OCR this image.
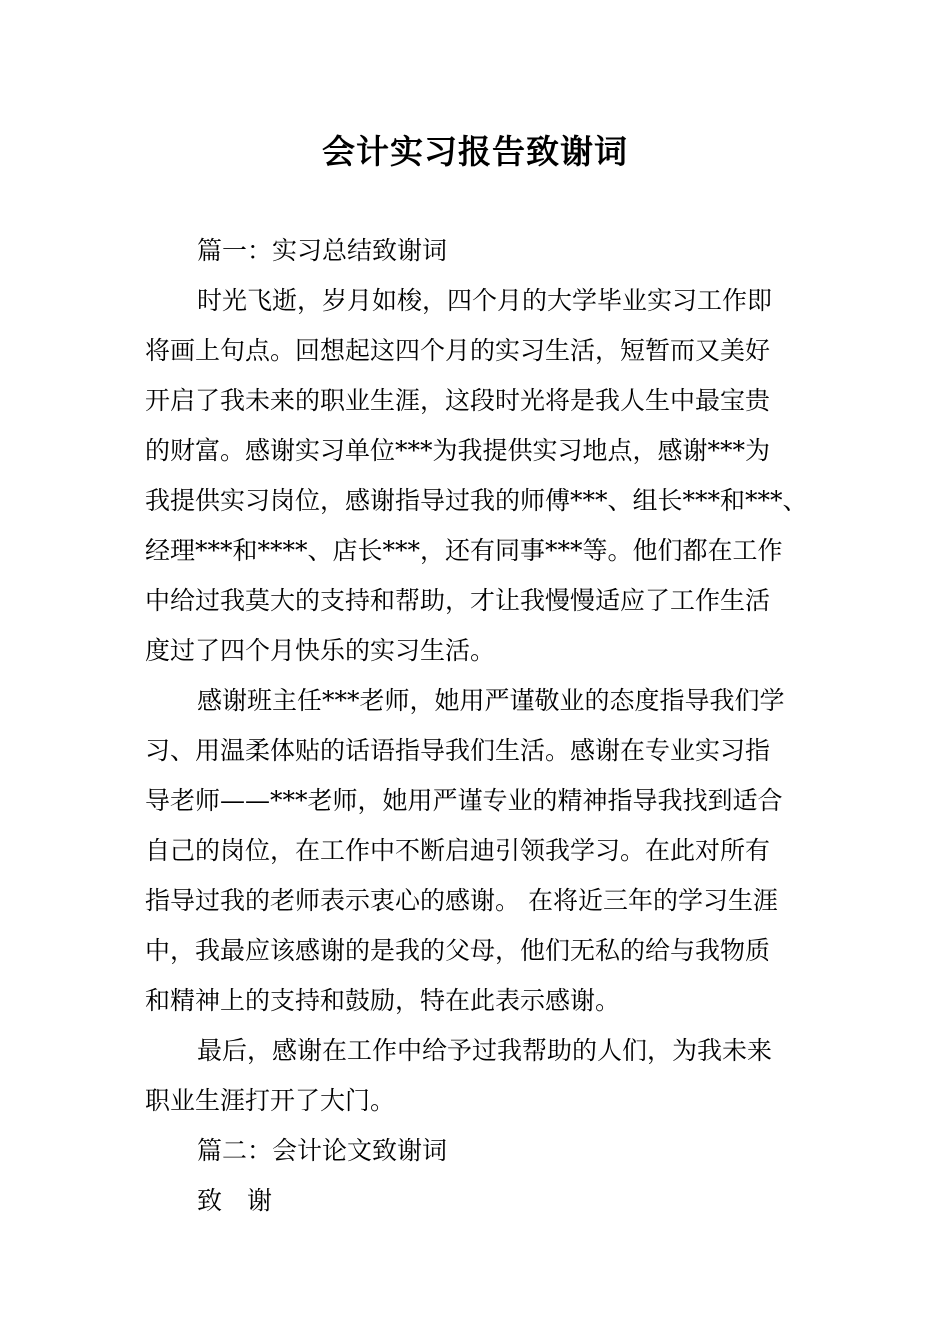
会计实习报告致谢词
篇一：实习总结致谢词
时光飞逝，岁月如梭，四个月的大学毕业实习工作即
将画上句点。回想起这四个月的实习生活，短暂而又美好
开启了我未来的职业生涯，这段时光将是我人生中最宝贵
的财富。感谢实习单位***为我提供实习地点，感谢***为
我提供实习岗位，感谢指导过我的师傅***、组长***和***、
经理***和****、店长***，还有同事***等。他们都在工作
中给过我莫大的支持和帮助，才让我慢慢适应了工作生活
度过了四个月快乐的实习生活。
感谢班主任***老师，她用严谨敬业的态度指导我们学
习、用温柔体贴的话语指导我们生活。感谢在专业实习指
导老师——***老师，她用严谨专业的精神指导我找到适合
自己的岗位，在工作中不断启迪引领我学习。在此对所有
指导过我的老师表示衷心的感谢。 在将近三年的学习生涯
中，我最应该感谢的是我的父母，他们无私的给与我物质
和精神上的支持和鼓励，特在此表示感谢。
最后，感谢在工作中给予过我帮助的人们，为我未来
职业生涯打开了大门。
篇二：会计论文致谢词
致　谢
